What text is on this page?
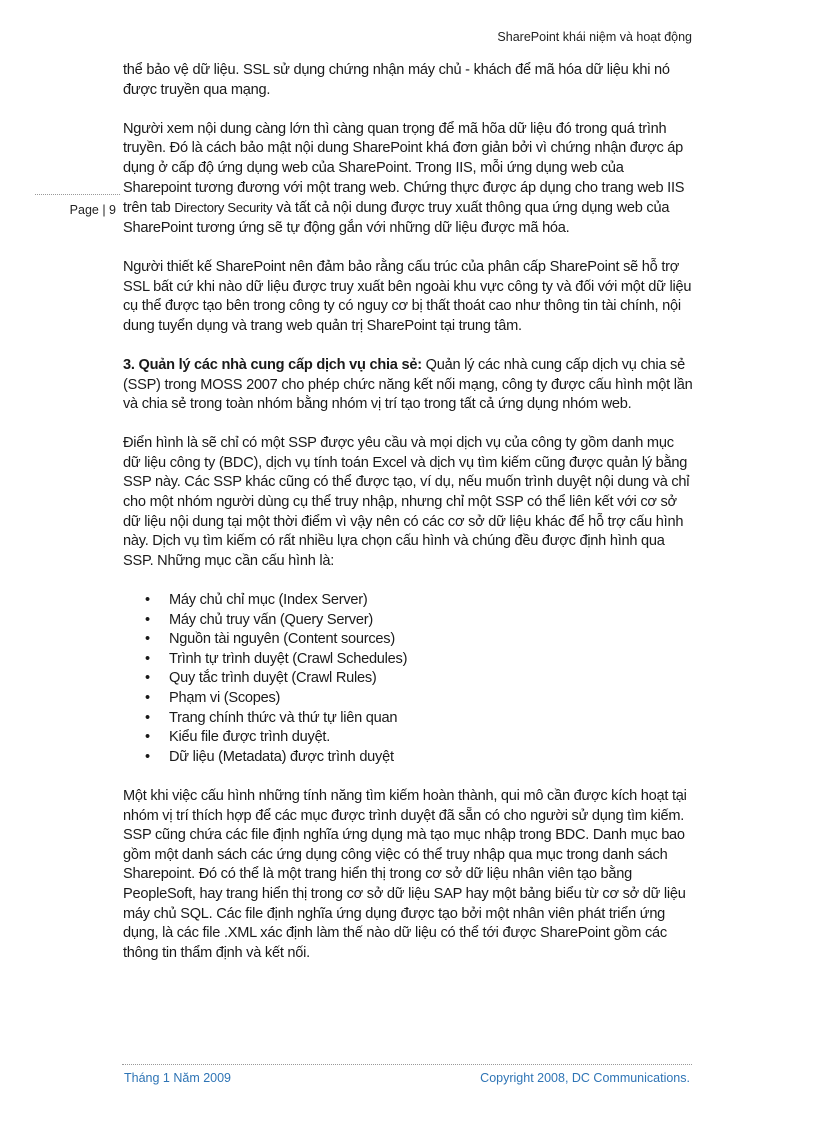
SharePoint khái niệm và hoạt động
Page | 9

thể bảo vệ dữ liệu. SSL sử dụng chứng nhận máy chủ - khách để mã hóa dữ liệu khi nó được truyền qua mạng.

Người xem nội dung càng lớn thì càng quan trọng để mã hõa dữ liệu đó trong quá trình truyền. Đó là cách bảo mật nội dung SharePoint khá đơn giản bởi vì chứng nhận được áp dụng ở cấp độ ứng dụng web của SharePoint. Trong IIS, mỗi ứng dụng web của Sharepoint tương đương với một trang web. Chứng thực được áp dụng cho trang web IIS trên tab Directory Security và tất cả nội dung được truy xuất thông qua ứng dụng web của SharePoint tương ứng sẽ tự động gắn với những dữ liệu được mã hóa.

Người thiết kế SharePoint nên đảm bảo rằng cấu trúc của phân cấp SharePoint sẽ hỗ trợ SSL bất cứ khi nào dữ liệu được truy xuất bên ngoài khu vực công ty và đối với một dữ liệu cụ thể được tạo bên trong công ty có nguy cơ bị thất thoát cao như thông tin tài chính, nội dung tuyển dụng và trang web quản trị SharePoint tại trung tâm.

3. Quản lý các nhà cung cấp dịch vụ chia sẻ: Quản lý các nhà cung cấp dịch vụ chia sẻ (SSP) trong MOSS 2007 cho phép chức năng kết nối mạng, công ty được cấu hình một lần và chia sẻ trong toàn nhóm bằng nhóm vị trí tạo trong tất cả ứng dụng nhóm web.

Điển hình là sẽ chỉ có một SSP được yêu cầu và mọi dịch vụ của công ty gồm danh mục dữ liệu công ty (BDC), dịch vụ tính toán Excel và dịch vụ tìm kiếm cũng được quản lý bằng SSP này. Các SSP khác cũng có thể được tạo, ví dụ, nếu muốn trình duyệt nội dung và chỉ cho một nhóm người dùng cụ thể truy nhập, nhưng chỉ một SSP có thể liên kết với cơ sở dữ liệu nội dung tại một thời điểm vì vậy nên có các cơ sở dữ liệu khác để hỗ trợ cấu hình này. Dịch vụ tìm kiếm có rất nhiều lựa chọn cấu hình và chúng đều được định hình qua SSP. Những mục cần cấu hình là:

• Máy chủ chỉ mục (Index Server)
• Máy chủ truy vấn (Query Server)
• Nguồn tài nguyên (Content sources)
• Trình tự trình duyệt (Crawl Schedules)
• Quy tắc trình duyệt (Crawl Rules)
• Phạm vi (Scopes)
• Trang chính thức và thứ tự liên quan
• Kiểu file được trình duyệt.
• Dữ liệu (Metadata) được trình duyệt

Một khi việc cấu hình những tính năng tìm kiếm hoàn thành, qui mô cần được kích hoạt tại nhóm vị trí thích hợp để các mục được trình duyệt đã sẵn có cho người sử dụng tìm kiếm. SSP cũng chứa các file định nghĩa ứng dụng mà tạo mục nhập trong BDC. Danh mục bao gồm một danh sách các ứng dụng công việc có thể truy nhập qua mục trong danh sách Sharepoint. Đó có thể là một trang hiển thị trong cơ sở dữ liệu nhân viên tạo bằng PeopleSoft, hay trang hiển thị trong cơ sở dữ liệu SAP hay một bảng biểu từ cơ sở dữ liệu máy chủ SQL. Các file định nghĩa ứng dụng được tạo bởi một nhân viên phát triển ứng dụng, là các file .XML xác định làm thế nào dữ liệu có thể tới được SharePoint gồm các thông tin thẩm định và kết nối.

Tháng 1 Năm 2009	Copyright 2008, DC Communications.
